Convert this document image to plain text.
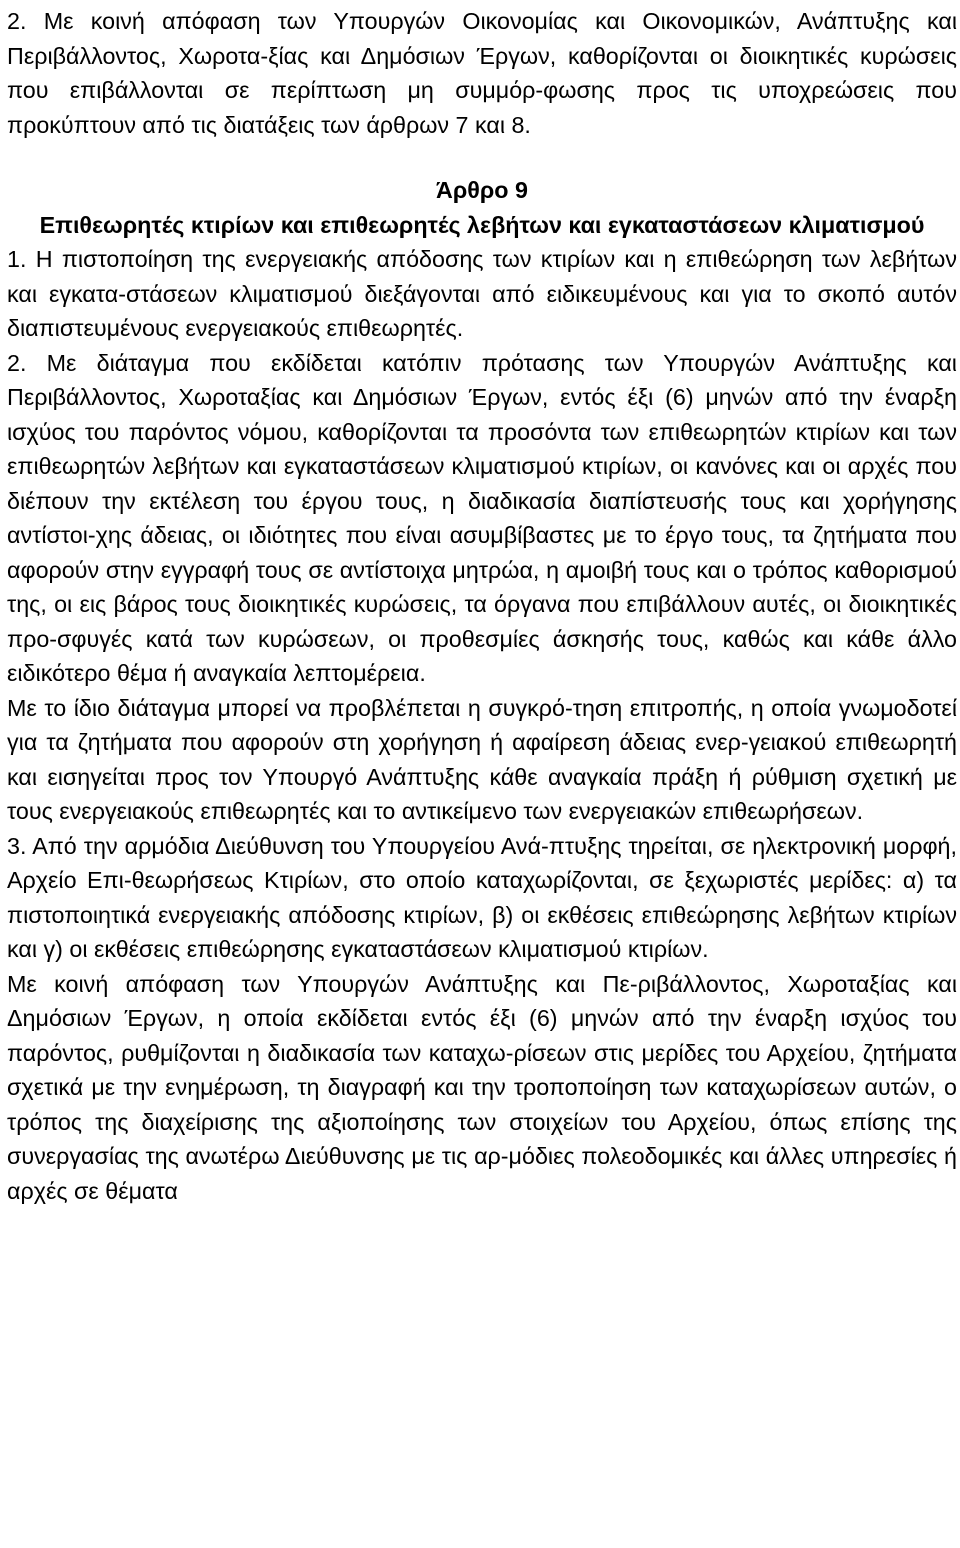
2. Με κοινή απόφαση των Υπουργών Οικονομίας και Οικονομικών, Ανάπτυξης και Περιβάλλοντος, Χωροτα-ξίας και Δημόσιων Έργων, καθορίζονται οι διοικητικές κυρώσεις που επιβάλλονται σε περίπτωση μη συμμόρ-φωσης προς τις υποχρεώσεις που προκύπτουν από τις διατάξεις των άρθρων 7 και 8.

Άρθρο 9

Επιθεωρητές κτιρίων και επιθεωρητές λεβήτων και εγκαταστάσεων κλιματισμού

1. Η πιστοποίηση της ενεργειακής απόδοσης των κτιρίων και η επιθεώρηση των λεβήτων και εγκατα-στάσεων κλιματισμού διεξάγονται από ειδικευμένους και για το σκοπό αυτόν διαπιστευμένους ενεργειακούς επιθεωρητές.

2. Με διάταγμα που εκδίδεται κατόπιν πρότασης των Υπουργών Ανάπτυξης και Περιβάλλοντος, Χωροταξίας και Δημόσιων Έργων, εντός έξι (6) μηνών από την έναρξη ισχύος του παρόντος νόμου, καθορίζονται τα προσόντα των επιθεωρητών κτιρίων και των επιθεωρητών λεβήτων και εγκαταστάσεων κλιματισμού κτιρίων, οι κανόνες και οι αρχές που διέπουν την εκτέλεση του έργου τους, η διαδικασία διαπίστευσής τους και χορήγησης αντίστοι-χης άδειας, οι ιδιότητες που είναι ασυμβίβαστες με το έργο τους, τα ζητήματα που αφορούν στην εγγραφή τους σε αντίστοιχα μητρώα, η αμοιβή τους και ο τρόπος καθορισμού της, οι εις βάρος τους διοικητικές κυρώσεις, τα όργανα που επιβάλλουν αυτές, οι διοικητικές προ-σφυγές κατά των κυρώσεων, οι προθεσμίες άσκησής τους, καθώς και κάθε άλλο ειδικότερο θέμα ή αναγκαία λεπτομέρεια.

Με το ίδιο διάταγμα μπορεί να προβλέπεται η συγκρό-τηση επιτροπής, η οποία γνωμοδοτεί για τα ζητήματα που αφορούν στη χορήγηση ή αφαίρεση άδειας ενερ-γειακού επιθεωρητή και εισηγείται προς τον Υπουργό Ανάπτυξης κάθε αναγκαία πράξη ή ρύθμιση σχετική με τους ενεργειακούς επιθεωρητές και το αντικείμενο των ενεργειακών επιθεωρήσεων.

3. Από την αρμόδια Διεύθυνση του Υπουργείου Ανά-πτυξης τηρείται, σε ηλεκτρονική μορφή, Αρχείο Επι-θεωρήσεως Κτιρίων, στο οποίο καταχωρίζονται, σε ξεχωριστές μερίδες: α) τα πιστοποιητικά ενεργειακής απόδοσης κτιρίων, β) οι εκθέσεις επιθεώρησης λεβήτων κτιρίων και γ) οι εκθέσεις επιθεώρησης εγκαταστάσεων κλιματισμού κτιρίων.

Με κοινή απόφαση των Υπουργών Ανάπτυξης και Πε-ριβάλλοντος, Χωροταξίας και Δημόσιων Έργων, η οποία εκδίδεται εντός έξι (6) μηνών από την έναρξη ισχύος του παρόντος, ρυθμίζονται η διαδικασία των καταχω-ρίσεων στις μερίδες του Αρχείου, ζητήματα σχετικά με την ενημέρωση, τη διαγραφή και την τροποποίηση των καταχωρίσεων αυτών, ο τρόπος της διαχείρισης της αξιοποίησης των στοιχείων του Αρχείου, όπως επίσης της συνεργασίας της ανωτέρω Διεύθυνσης με τις αρ-μόδιες πολεοδομικές και άλλες υπηρεσίες ή αρχές σε θέματα
